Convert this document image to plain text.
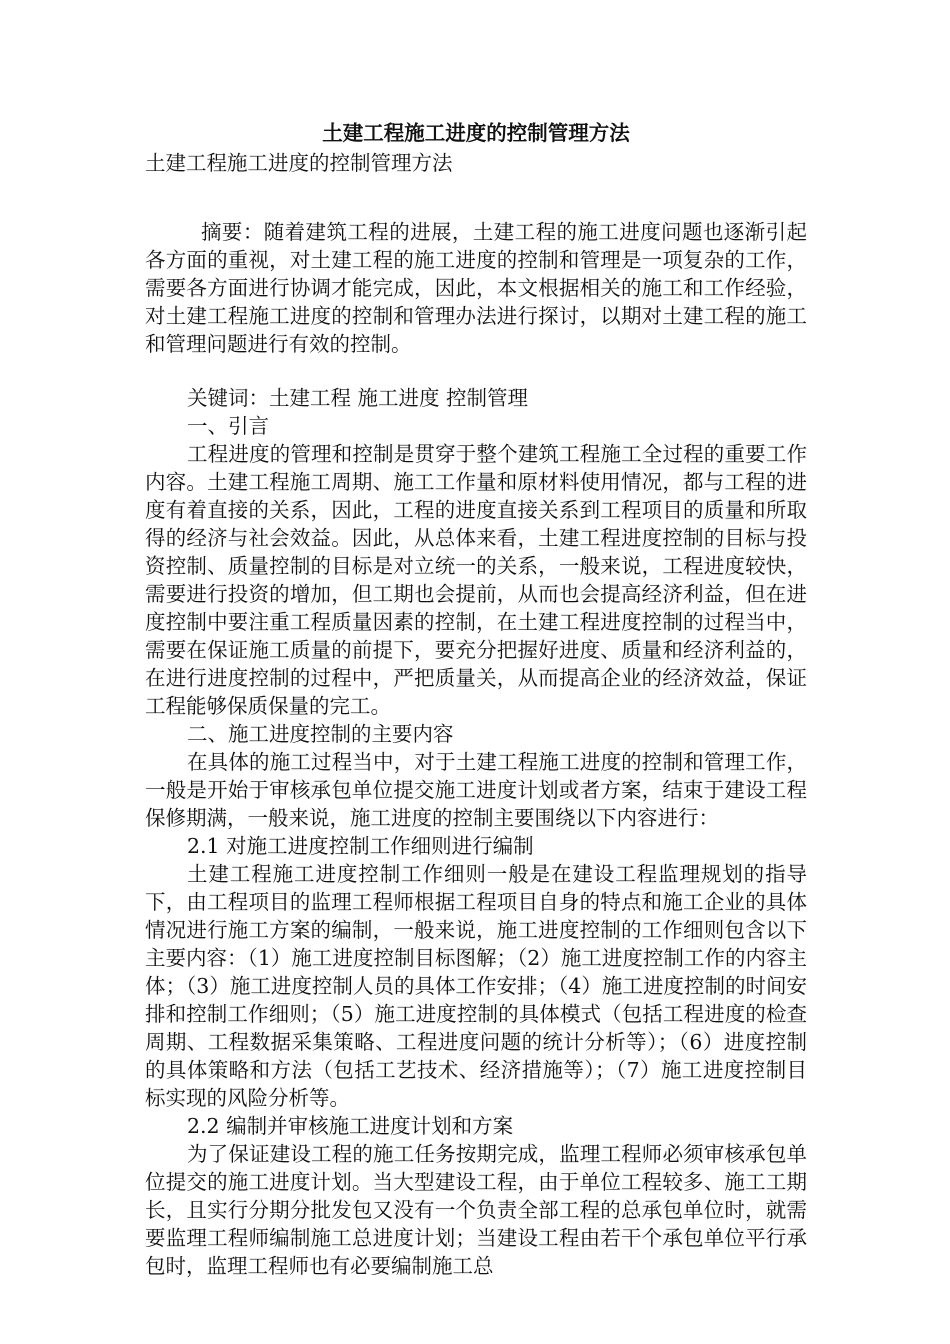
土建工程施工进度的控制管理方法

土建工程施工进度的控制管理方法

摘要：随着建筑工程的进展，土建工程的施工进度问题也逐渐引起各方面的重视，对土建工程的施工进度的控制和管理是一项复杂的工作，需要各方面进行协调才能完成，因此，本文根据相关的施工和工作经验，对土建工程施工进度的控制和管理办法进行探讨，以期对土建工程的施工和管理问题进行有效的控制。

关键词：土建工程 施工进度 控制管理

一、引言

工程进度的管理和控制是贯穿于整个建筑工程施工全过程的重要工作内容。土建工程施工周期、施工工作量和原材料使用情况，都与工程的进度有着直接的关系，因此，工程的进度直接关系到工程项目的质量和所取得的经济与社会效益。因此，从总体来看，土建工程进度控制的目标与投资控制、质量控制的目标是对立统一的关系，一般来说，工程进度较快，需要进行投资的增加，但工期也会提前，从而也会提高经济利益，但在进度控制中要注重工程质量因素的控制，在土建工程进度控制的过程当中，需要在保证施工质量的前提下，要充分把握好进度、质量和经济利益的，在进行进度控制的过程中，严把质量关，从而提高企业的经济效益，保证工程能够保质保量的完工。

二、施工进度控制的主要内容

在具体的施工过程当中，对于土建工程施工进度的控制和管理工作，一般是开始于审核承包单位提交施工进度计划或者方案，结束于建设工程保修期满，一般来说，施工进度的控制主要围绕以下内容进行：

2.1 对施工进度控制工作细则进行编制

土建工程施工进度控制工作细则一般是在建设工程监理规划的指导下，由工程项目的监理工程师根据工程项目自身的特点和施工企业的具体情况进行施工方案的编制，一般来说，施工进度控制的工作细则包含以下主要内容：（1）施工进度控制目标图解；（2）施工进度控制工作的内容主体；（3）施工进度控制人员的具体工作安排；（4）施工进度控制的时间安排和控制工作细则；（5）施工进度控制的具体模式（包括工程进度的检查周期、工程数据采集策略、工程进度问题的统计分析等）；（6）进度控制的具体策略和方法（包括工艺技术、经济措施等）；（7）施工进度控制目标实现的风险分析等。

2.2 编制并审核施工进度计划和方案

为了保证建设工程的施工任务按期完成，监理工程师必须审核承包单位提交的施工进度计划。当大型建设工程，由于单位工程较多、施工工期长，且实行分期分批发包又没有一个负责全部工程的总承包单位时，就需要监理工程师编制施工总进度计划；当建设工程由若干个承包单位平行承包时，监理工程师也有必要编制施工总
